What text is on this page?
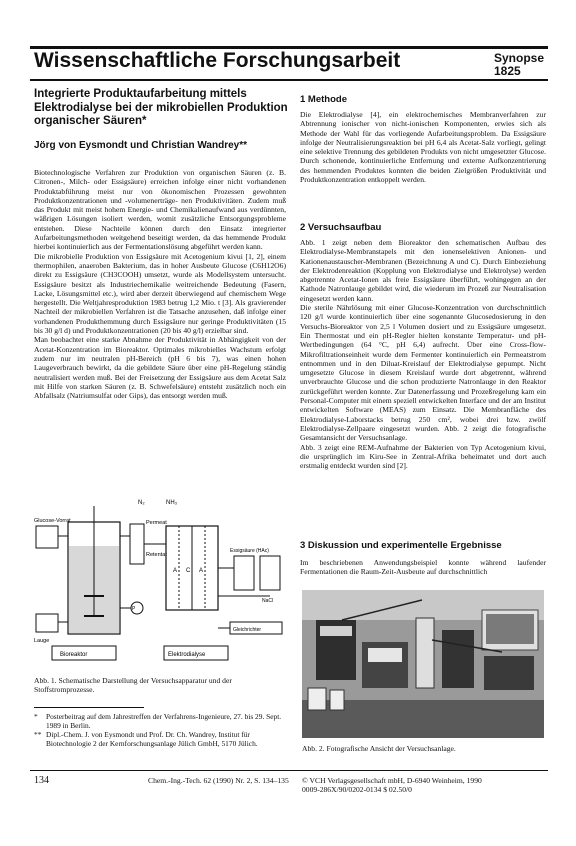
Wissenschaftliche Forschungsarbeit	Synopse
1825
Integrierte Produktaufarbeitung mittels Elektrodialyse bei der mikrobiellen Produktion organischer Säuren*
Jörg von Eysmondt und Christian Wandrey**

Biotechnologische Verfahren zur Produktion von organischen Säuren (z. B. Citronen-, Milch- oder Essigsäure) erreichen infolge einer nicht vorhandenen Produktabführung meist nur von ökonomischen Prozessen gewohnten Produktkonzentrationen und -volumenerträge- nen Produktivitäten. Zudem muß das Produkt mit meist hohem Energie- und Chemikalienaufwand aus verdünnten, wäßrigen Lösungen isoliert werden, womit zusätzliche Entsorgungsprobleme entstehen. Diese Nachteile können durch den Einsatz integrierter Aufarbeitungsmethoden weitgehend beseitigt werden, da das hemmende Produkt hierbei kontinuierlich aus der Fermentationslösung abgeführt werden kann.

Die mikrobielle Produktion von Essigsäure mit Acetogenium kivui [1, 2], einem thermophilen, anaeroben Bakterium, das in hoher Ausbeute Glucose (C6H12O6) direkt zu Essigsäure (CH3COOH) umsetzt, wurde als Modellsystem untersucht. Essigsäure besitzt als Industriechemikalie weitreichende Bedeutung (Fasern, Lacke, Lösungsmittel etc.), wird aber derzeit überwiegend auf chemischem Wege hergestellt. Die Weltjahresproduktion 1983 betrug 1,2 Mio. t [3]. Als gravierender Nachteil der mikrobiellen Verfahren ist die Tatsache anzusehen, daß infolge einer vorhandenen Produkthemmung durch Essigsäure nur geringe Produktivitäten (15 bis 30 g/l d) und Produktkonzentrationen (20 bis 40 g/l) erzielbar sind.

Man beobachtet eine starke Abnahme der Produktivität in Abhängigkeit von der Acetat-Konzentration im Bioreaktor. Optimales mikrobielles Wachstum erfolgt zudem nur im neutralen pH-Bereich (pH 6 bis 7), was einen hohen Laugeverbrauch bewirkt, da die gebildete Säure über eine pH-Regelung ständig neutralisiert werden muß. Bei der Freisetzung der Essigsäure aus dem Acetat Salz mit Hilfe von starken Säuren (z. B. Schwefelsäure) entsteht zusätzlich noch ein Abfallsalz (Natriumsulfat oder Gips), das entsorgt werden muß.

A C A
N₂	NH₃
Glucose-Vorrat
Lauge
Permeat
Retentat
P
Essigsäure (HAc)
NaCl
Gleichrichter
Bioreaktor	Elektrodialyse
Abb. 1. Schematische Darstellung der Versuchsapparatur und der Stoffstromprozesse.
*	Posterbeitrag auf dem Jahrestreffen der Verfahrens-Ingenieure, 27. bis 29. Sept. 1989 in Berlin.
** Dipl.-Chem. J. von Eysmondt und Prof. Dr. Ch. Wandrey, Institut für Biotechnologie 2 der Kernforschungsanlage Jülich GmbH, 5170 Jülich.
1 Methode
Die Elektrodialyse [4], ein elektrochemisches Membranverfahren zur Abtrennung ionischer von nicht-ionischen Komponenten, erwies sich als Methode der Wahl für das vorliegende Aufarbeitungsproblem. Da Essigsäure infolge der Neutralisierungsreaktion bei pH 6,4 als Acetat-Salz vorliegt, gelingt eine selektive Trennung des gebildeten Produkts von nicht umgesetzter Glucose. Durch schonende, kontinuierliche Entfernung und externe Aufkonzentrierung des hemmenden Produktes konnten die beiden Zielgrößen Produktivität und Produktkonzentration entkoppelt werden.
2 Versuchsaufbau

Abb. 1 zeigt neben dem Bioreaktor den schematischen Aufbau des Elektrodialyse-Membranstapels mit den ionenselektiven Anionen- und Kationenaustauscher-Membranen (Bezeichnung A und C). Durch Einbeziehung der Elektrodenreaktion (Kopplung von Elektrodialyse und Elektrolyse) werden abgetrennte Acetat-Ionen als freie Essigsäure überführt, wohingegen an der Kathode Natronlauge gebildet wird, die wiederum im Prozeß zur Neutralisation eingesetzt werden kann.

Die sterile Nährlösung mit einer Glucose-Konzentration von durchschnittlich 120 g/l wurde kontinuierlich über eine sogenannte Glucosedosierung in den Versuchs-Bioreaktor von 2,5 l Volumen dosiert und zu Essigsäure umgesetzt. Ein Thermostat und ein pH-Regler hielten konstante Temperatur- und pH-Wertbedingungen (64 °C, pH 6,4) aufrecht. Über eine Cross-flow-Mikrofiltrationseinheit wurde dem Fermenter kontinuierlich ein Permeatstrom entnommen und in den Diluat-Kreislauf der Elektrodialyse gepumpt. Nicht umgesetzte Glucose in diesem Kreislauf wurde dort abgetrennt, während unverbrauchte Glucose und die schon produzierte Natronlauge in den Reaktor zurückgeführt werden konnte. Zur Datenerfassung und Prozeßregelung kam ein Personal-Computer mit einem speziell entwickelten Interface und der am Institut entwickelten Software (MEAS) zum Einsatz. Die Membranfläche des Elektrodialyse-Laborstacks betrug 250 cm², wobei drei bzw. zwölf Elektrodialyse-Zellpaare eingesetzt wurden. Abb. 2 zeigt die fotografische Gesamtansicht der Versuchsanlage.

Abb. 3 zeigt eine REM-Aufnahme der Bakterien von Typ Acetogenium kivui, die ursprünglich im Kiru-See in Zentral-Afrika beheimatet und dort auch erstmalig entdeckt wurden sind [2].

3 Diskussion und experimentelle Ergebnisse
Im beschriebenen Anwendungsbeispiel konnte während laufender Fermentationen die Raum-Zeit-Ausbeute auf durchschnittlich
Abb. 2. Fotografische Ansicht der Versuchsanlage.
134	Chem.-Ing.-Tech. 62 (1990) Nr. 2, S. 134–135 © VCH Verlagsgesellschaft mbH, D-6940 Weinheim, 1990
0009-286X/90/0202-0134 $ 02.50/0
